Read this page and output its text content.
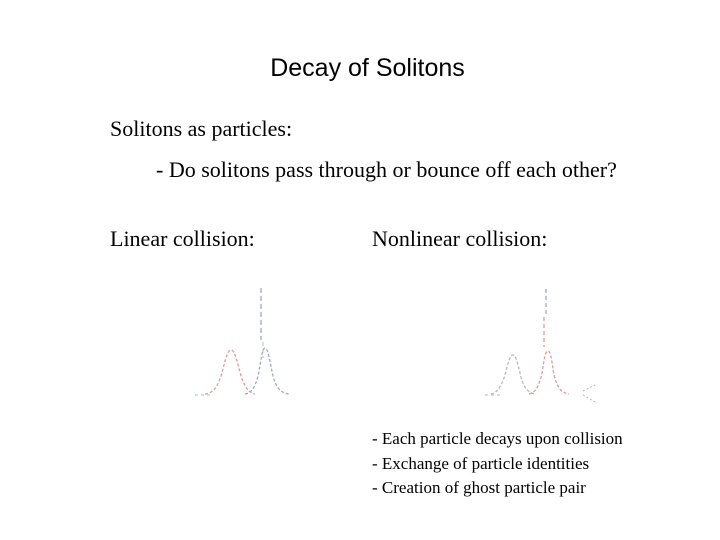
Decay of Solitons
Solitons as particles:
- Do solitons pass through or bounce off each other?
Linear collision:	Nonlinear collision:
- Each particle decays upon collision
- Exchange of particle identities
- Creation of ghost particle pair
